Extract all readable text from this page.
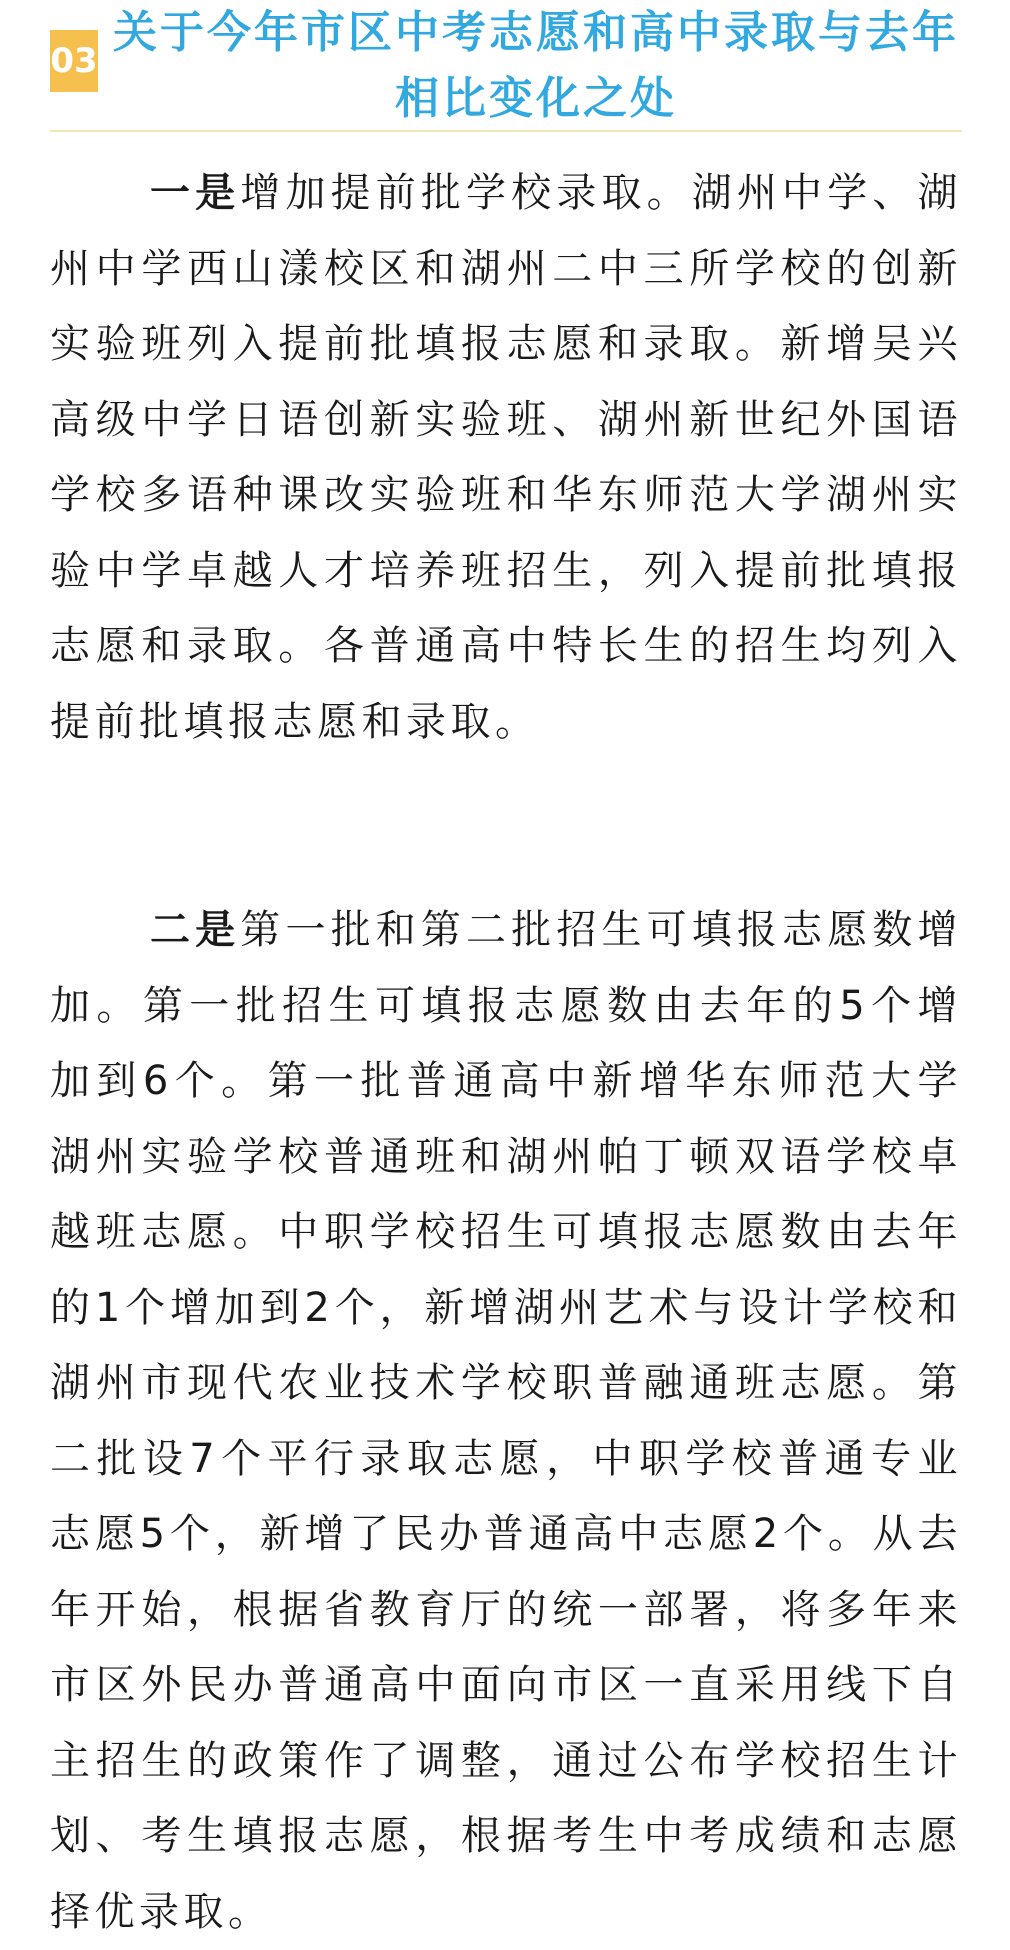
03
关于今年市区中考志愿和高中录取与去年相比变化之处

一是增加提前批学校录取。湖州中学、湖州中学西山漾校区和湖州二中三所学校的创新实验班列入提前批填报志愿和录取。新增吴兴高级中学日语创新实验班、湖州新世纪外国语学校多语种课改实验班和华东师范大学湖州实验中学卓越人才培养班招生，列入提前批填报志愿和录取。各普通高中特长生的招生均列入提前批填报志愿和录取。

二是第一批和第二批招生可填报志愿数增加。第一批招生可填报志愿数由去年的5个增加到6个。第一批普通高中新增华东师范大学湖州实验学校普通班和湖州帕丁顿双语学校卓越班志愿。中职学校招生可填报志愿数由去年的1个增加到2个，新增湖州艺术与设计学校和湖州市现代农业技术学校职普融通班志愿。第二批设7个平行录取志愿，中职学校普通专业志愿5个，新增了民办普通高中志愿2个。从去年开始，根据省教育厅的统一部署，将多年来市区外民办普通高中面向市区一直采用线下自主招生的政策作了调整，通过公布学校招生计划、考生填报志愿，根据考生中考成绩和志愿择优录取。
